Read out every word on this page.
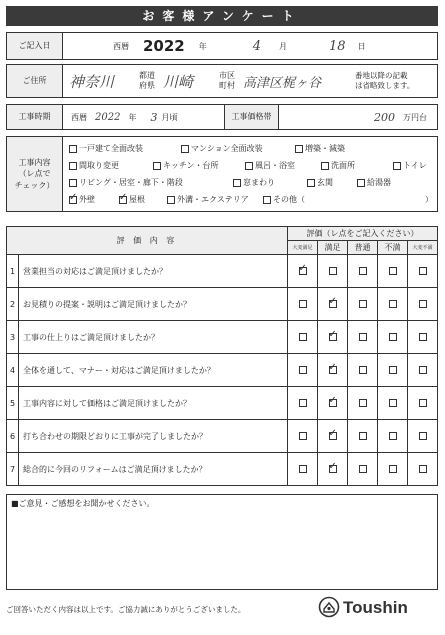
お客様アンケート
ご記入日	西暦 2022 年	4 月	18 日
ご住所	神奈川	都道
府県 川崎	市区
町村 高津区梶ヶ谷
番地以降の記載
は省略致します。
工事時期	西暦 2022 年 3 月頃	工事価格帯	200 万円台
工事内容
（レ点で
チェック）
一戸建て全面改装	マンション全面改装	増築・減築
間取り変更	キッチン・台所	風呂・浴室	洗面所	トイレ
リビング・居室・廊下・階段	窓まわり	玄関	給湯器
✓
外壁 ✓	屋根	外溝・エクステリア	その他（	）
評 価 内 容		評価（レ点をご記入ください）				
		大変満足	満足	普通	不満	大変不満
1	営業担当の対応はご満足頂けましたか？	✓				
2	お見積りの提案・説明はご満足頂けましたか？		✓			
3	工事の仕上りはご満足頂けましたか？		✓			
4	全体を通して、マナー・対応はご満足頂けましたか？		✓			
5	工事内容に対して価格はご満足頂けましたか？		✓			
6	打ち合わせの期限どおりに工事が完了しましたか？		✓			
7	総合的に今回のリフォームはご満足頂けましたか？		✓			
■ご意見・ご感想をお聞かせください。
ご回答いただく内容は以上です。ご協力誠にありがとうございました。	Toushin
